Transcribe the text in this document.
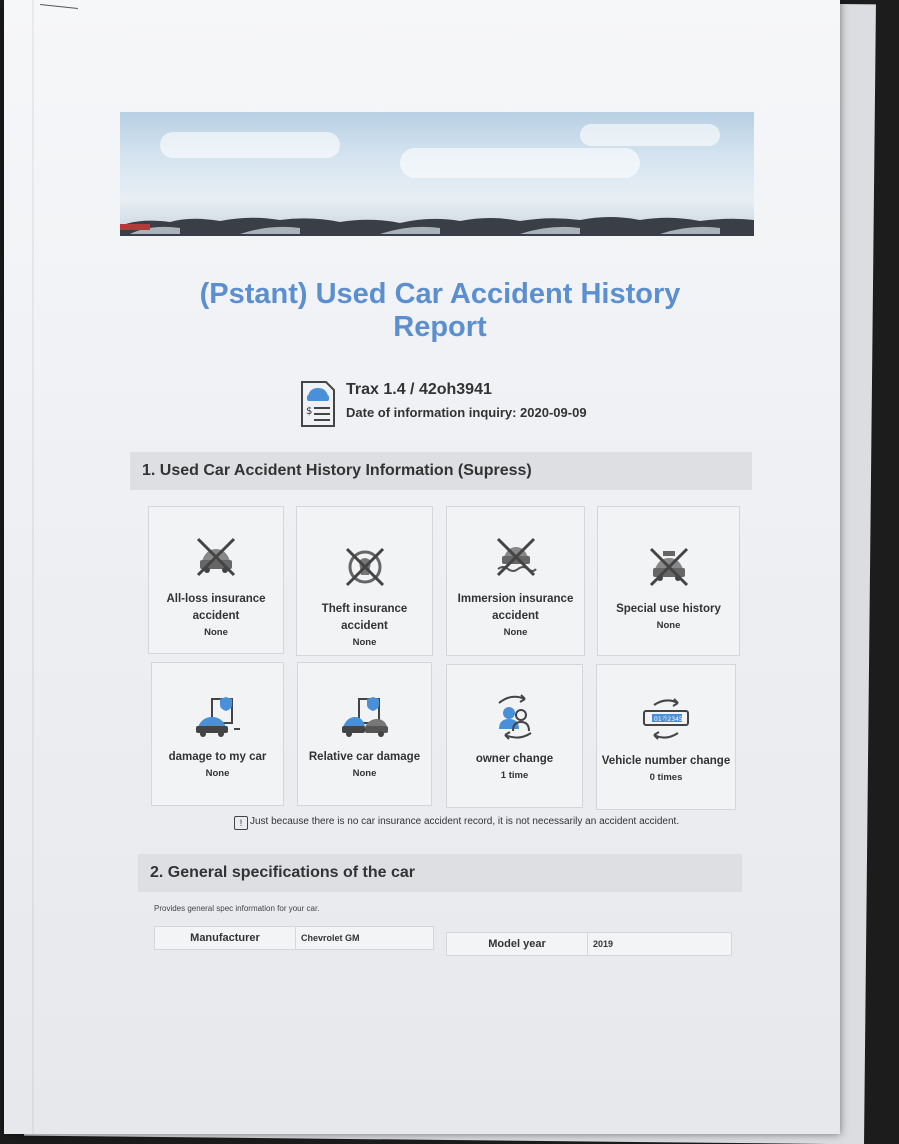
(Pstant) Used Car Accident History
Report
$
Trax 1.4 / 42oh3941
Date of information inquiry: 2020-09-09
1. Used Car Accident History Information (Supress)
All-loss insurance
accident
None
Theft insurance accident
None
Immersion insurance
accident
None
Special use history
None
damage to my car
None
Relative car damage
None
owner change
1 time
01가2345
Vehicle number change
0 times
! Just because there is no car insurance accident record, it is not necessarily an accident accident.
2. General specifications of the car
Provides general spec information for your car.
Manufacturer	Chevrolet GM	Model year	2019
